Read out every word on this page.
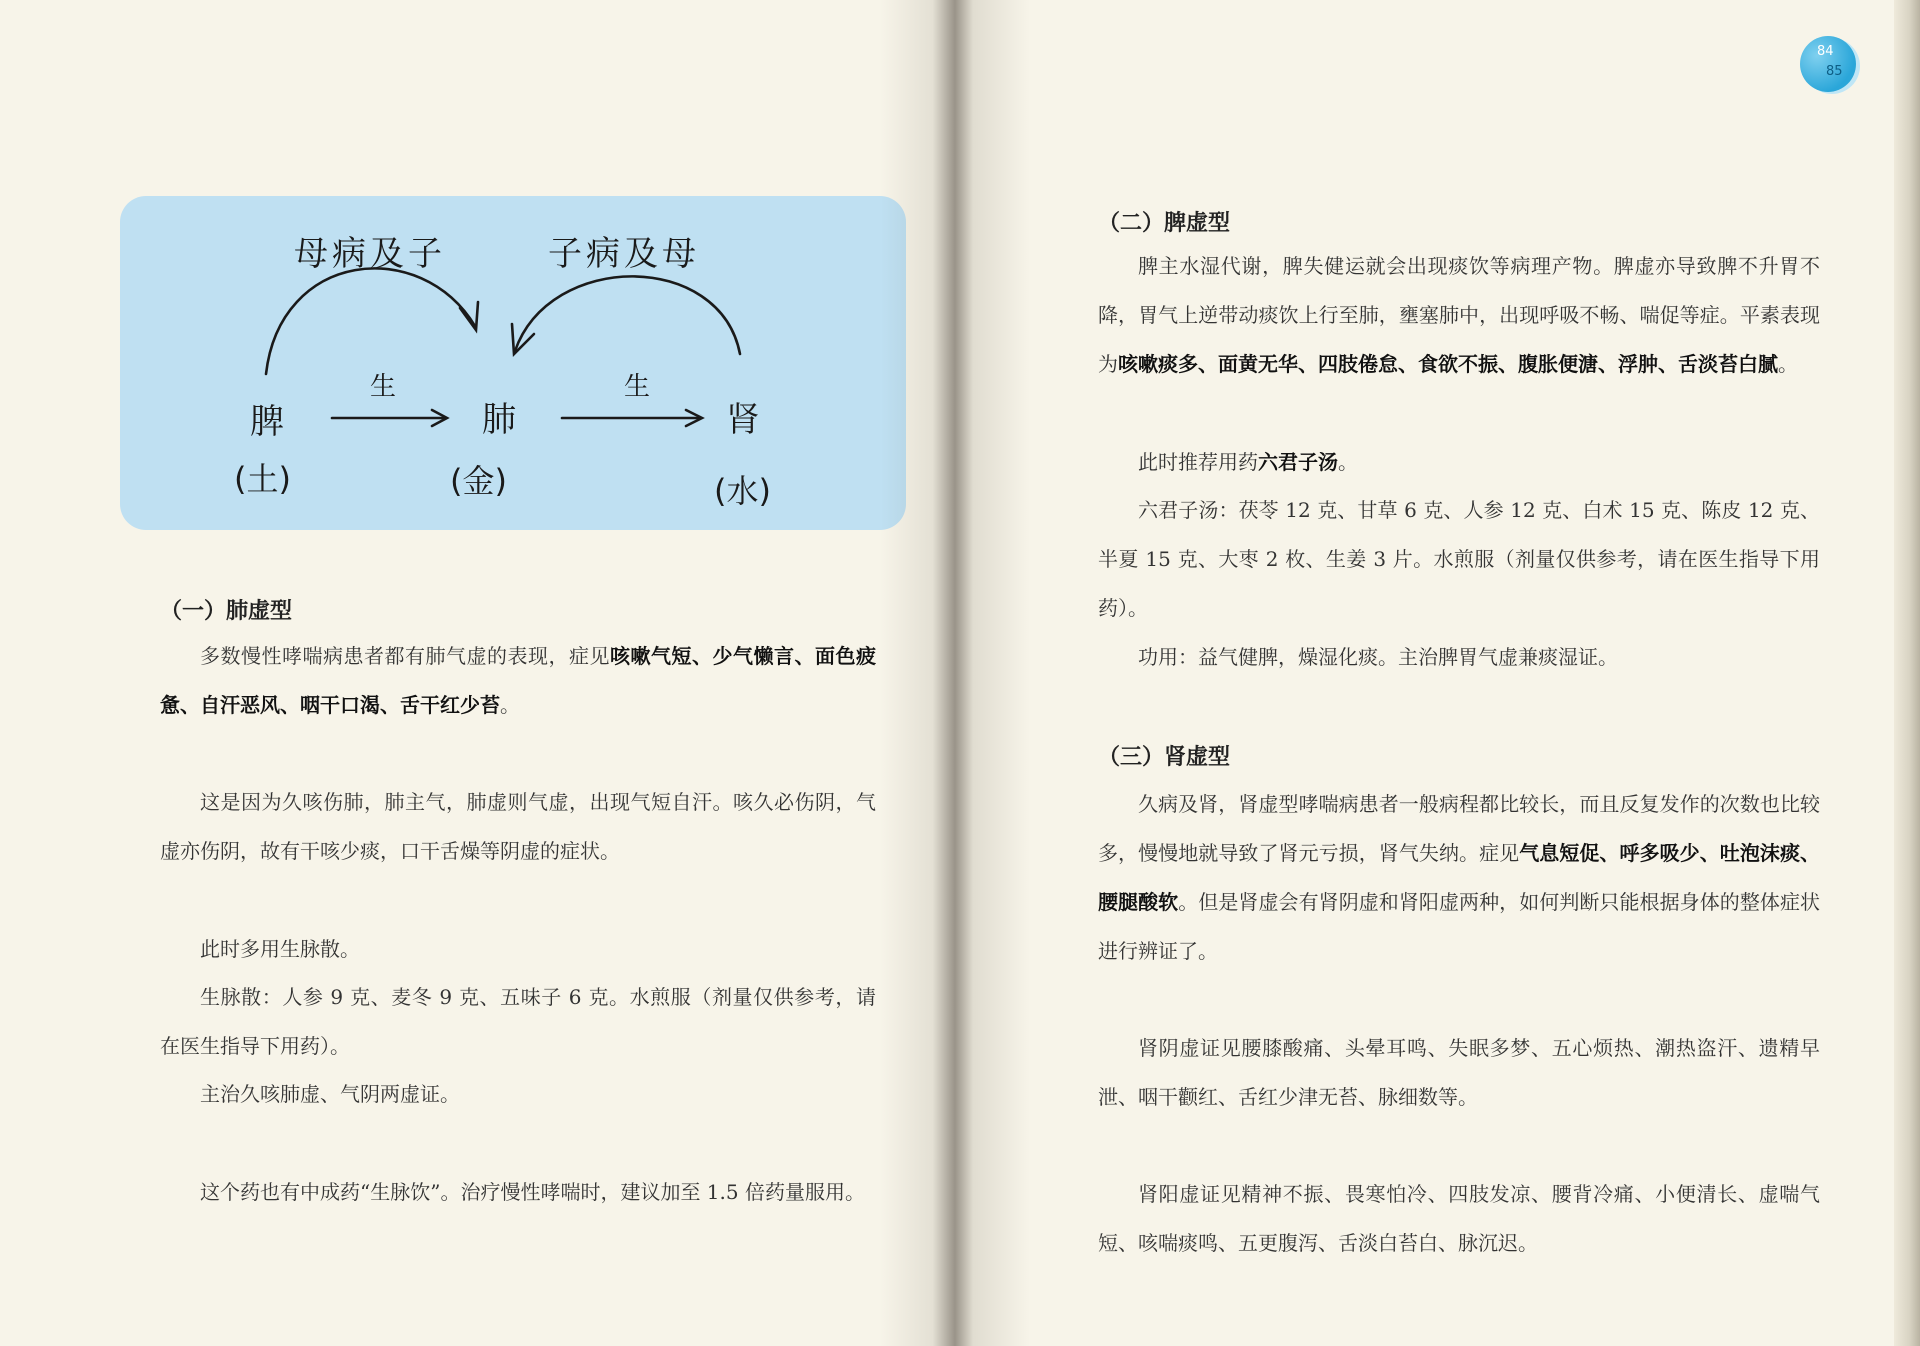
母病及子	子病及母
生	生
脾	肺	肾
(土)	(金)	(水)
（一）肺虚型
多数慢性哮喘病患者都有肺气虚的表现，症见咳嗽气短、少气懒言、面色疲惫、自汗恶风、咽干口渴、舌干红少苔。
这是因为久咳伤肺，肺主气，肺虚则气虚，出现气短自汗。咳久必伤阴，气虚亦伤阴，故有干咳少痰，口干舌燥等阴虚的症状。
此时多用生脉散。
生脉散：人参 9 克、麦冬 9 克、五味子 6 克。水煎服（剂量仅供参考，请在医生指导下用药）。
主治久咳肺虚、气阴两虚证。
这个药也有中成药“生脉饮”。治疗慢性哮喘时，建议加至 1.5 倍药量服用。
84
85
（二）脾虚型
脾主水湿代谢，脾失健运就会出现痰饮等病理产物。脾虚亦导致脾不升胃不降，胃气上逆带动痰饮上行至肺，壅塞肺中，出现呼吸不畅、喘促等症。平素表现为咳嗽痰多、面黄无华、四肢倦怠、食欲不振、腹胀便溏、浮肿、舌淡苔白腻。
此时推荐用药六君子汤。
六君子汤：茯苓 12 克、甘草 6 克、人参 12 克、白术 15 克、陈皮 12 克、半夏 15 克、大枣 2 枚、生姜 3 片。水煎服（剂量仅供参考，请在医生指导下用药）。
功用：益气健脾，燥湿化痰。主治脾胃气虚兼痰湿证。
（三）肾虚型
久病及肾，肾虚型哮喘病患者一般病程都比较长，而且反复发作的次数也比较多，慢慢地就导致了肾元亏损，肾气失纳。症见气息短促、呼多吸少、吐泡沫痰、腰腿酸软。但是肾虚会有肾阴虚和肾阳虚两种，如何判断只能根据身体的整体症状进行辨证了。
肾阴虚证见腰膝酸痛、头晕耳鸣、失眠多梦、五心烦热、潮热盗汗、遗精早泄、咽干颧红、舌红少津无苔、脉细数等。
肾阳虚证见精神不振、畏寒怕冷、四肢发凉、腰背冷痛、小便清长、虚喘气短、咳喘痰鸣、五更腹泻、舌淡白苔白、脉沉迟。
